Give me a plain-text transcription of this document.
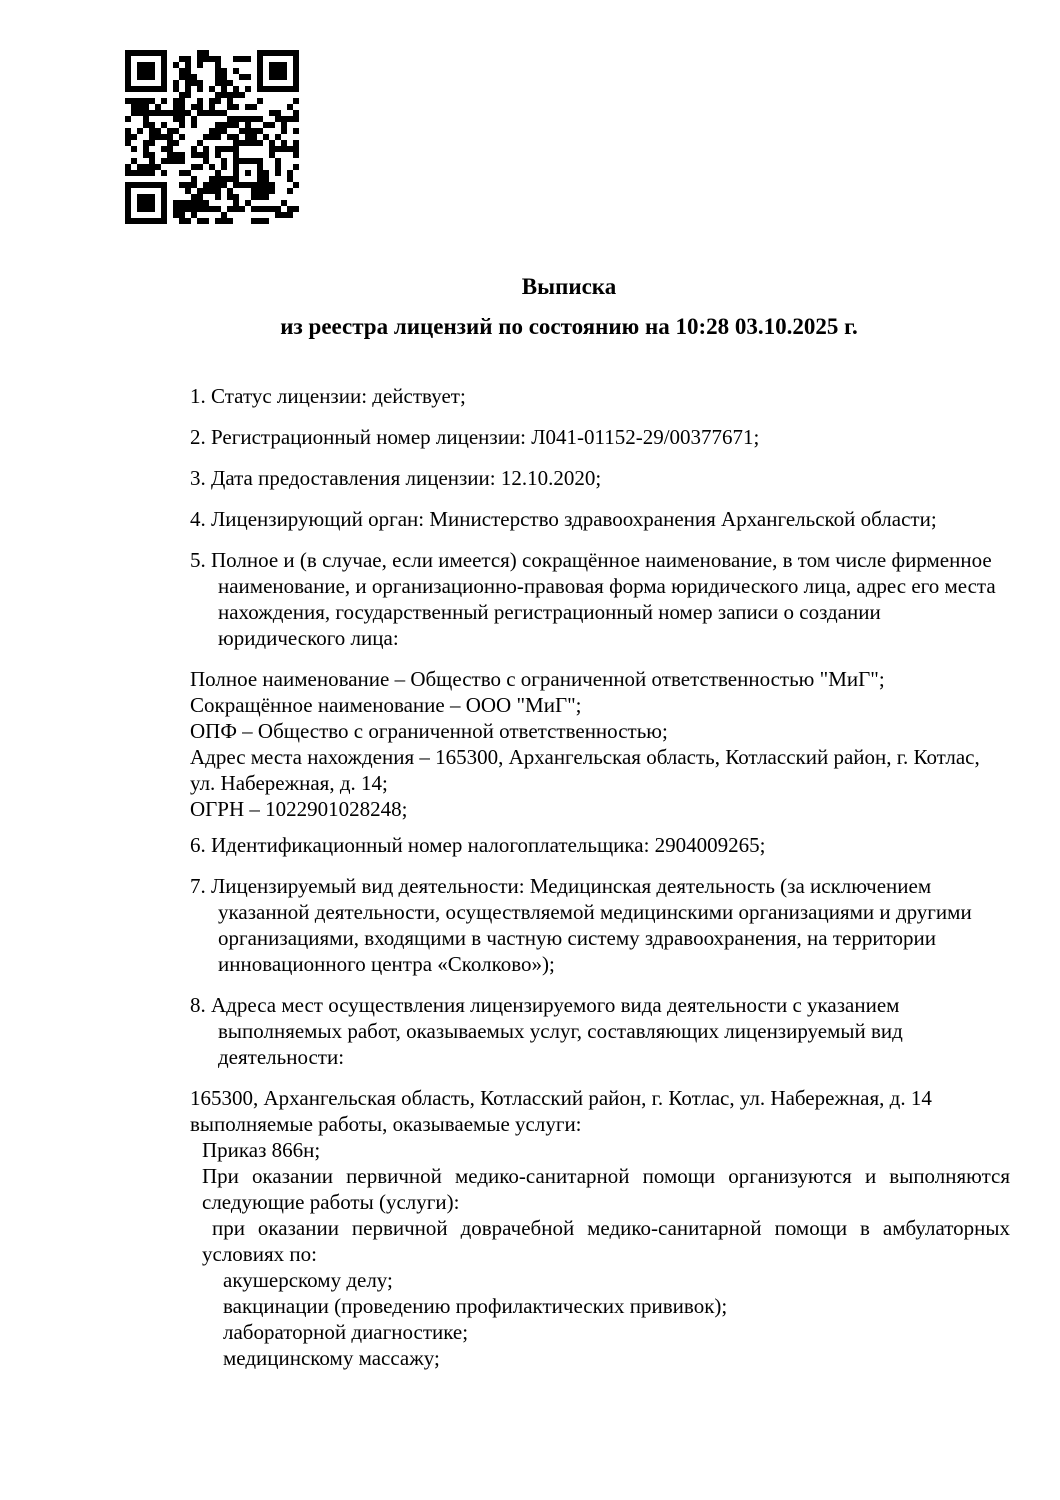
Выписка
из реестра лицензий по состоянию на 10:28 03.10.2025 г.

1. Статус лицензии: действует;

2. Регистрационный номер лицензии: Л041-01152-29/00377671;

3. Дата предоставления лицензии: 12.10.2020;

4. Лицензирующий орган: Министерство здравоохранения Архангельской области;

5. Полное и (в случае, если имеется) сокращённое наименование, в том числе фирменное
наименование, и организационно-правовая форма юридического лица, адрес его места
нахождения, государственный регистрационный номер записи о создании
юридического лица:
Полное наименование – Общество с ограниченной ответственностью "МиГ";
Сокращённое наименование – ООО "МиГ";
ОПФ – Общество с ограниченной ответственностью;
Адрес места нахождения – 165300, Архангельская область, Котласский район, г. Котлас,
ул. Набережная, д. 14;
ОГРН – 1022901028248;

6. Идентификационный номер налогоплательщика: 2904009265;

7. Лицензируемый вид деятельности: Медицинская деятельность (за исключением
указанной деятельности, осуществляемой медицинскими организациями и другими
организациями, входящими в частную систему здравоохранения, на территории
инновационного центра «Сколково»);
8. Адреса мест осуществления лицензируемого вида деятельности с указанием
выполняемых работ, оказываемых услуг, составляющих лицензируемый вид
деятельности:
165300, Архангельская область, Котласский район, г. Котлас, ул. Набережная, д. 14
выполняемые работы, оказываемые услуги:
Приказ 866н;
При оказании первичной медико-санитарной помощи организуются и выполняются
следующие работы (услуги):
при оказании первичной доврачебной медико-санитарной помощи в амбулаторных
условиях по:
акушерскому делу;
вакцинации (проведению профилактических прививок);
лабораторной диагностике;
медицинскому массажу;
